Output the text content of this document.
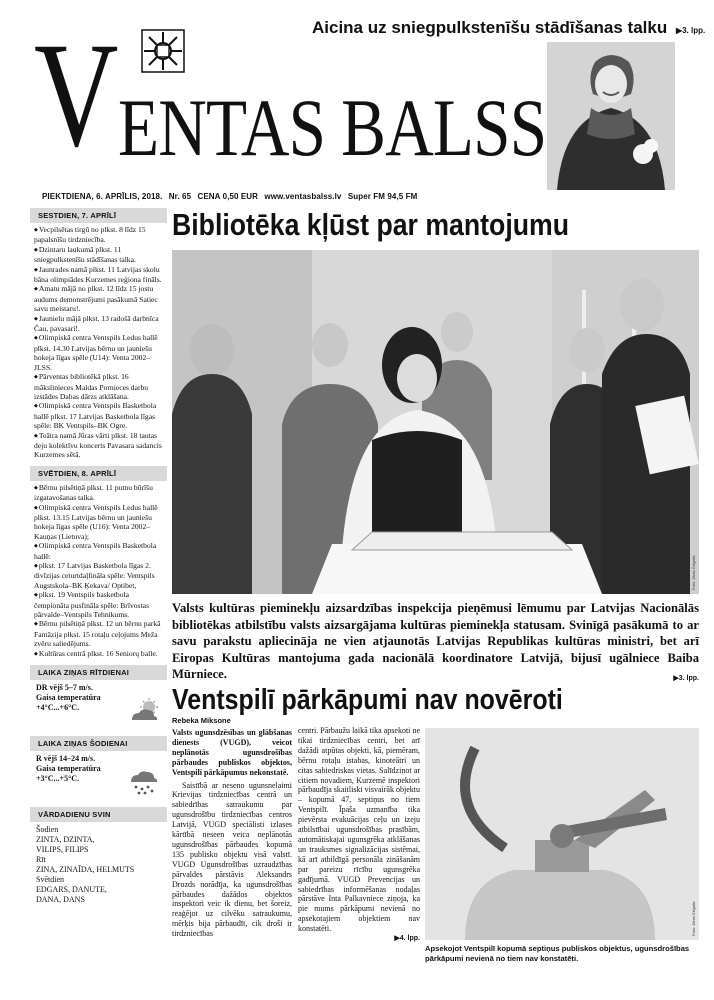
Aicina uz sniegpulkstenīšu stādīšanas talku ▶3. lpp.
V ENTAS BALSS
PIEKTDIENA, 6. APRĪLIS, 2018. Nr. 65 CENA 0,50 EUR www.ventasbalss.lv Super FM 94,5 FM
SESTDIEN, 7. APRĪLĪ
◆ Vecpilsētas tirgū no plkst. 8 līdz 15 papalsnīšu tirdzniecība.
◆ Dzintaru laukumā plkst. 11 sniegpulkstenīšu stādīšanas talka.
◆ Jaunrades namā plkst. 11 Latvijas skolu bāna olimpiādes Kurzemes reģiona fināls.
◆ Amatu mājā no plkst. 12 līdz 15 jostu audums demonstrējumi pasākumā Satiec savu meistaru!.
◆ Jaunielu mājā plkst. 13 radošā darbnīca Čau, pavasari!.
◆ Olimpiskā centra Ventspils Ledus hallē plkst. 14.30 Latvijas bērnu un jauniešu hokeja līgas spēle (U14): Venta 2002–JLSS.
◆ Pārventas bibliotēkā plkst. 16 mākslinieces Maldas Pornieces darbu izstādes Dabas dārzs atklāšana.
◆ Olimpiskā centra Ventspils Basketbola hallē plkst. 17 Latvijas Basketbola līgas spēle: BK Ventspils–BK Ogre.
◆ Teātra namā Jūras vārti plkst. 18 tautas deju kolektīvu koncerts Pavasara sadancis Kurzemes sētā.
SVĒTDIEN, 8. APRĪLĪ
◆ Bērnu pilsētiņā plkst. 11 putnu būrīšu izgatavošanas talka.
◆ Olimpiskā centra Ventspils Ledus hallē plkst. 13.15 Latvijas bērnu un jauniešu hokeja līgas spēle (U16): Venta 2002–Kauņas (Lietuva);
◆ Olimpiskā centra Ventspils Basketbola hallē:
◆ plkst. 17 Latvijas Basketbola līgas 2. divīzijas ceturtdaļfināla spēle: Ventspils Augstskola–BK Ķekava/ Optibet,
◆ plkst. 19 Ventspils basketbola čempionāta pusfināla spēle: Brīvostas pārvalde–Ventspils Tehnikums.
◆ Bērnu pilsētiņā plkst. 12 un bērnu parkā Fantāzija plkst. 15 rotaļu ceļojums Meža zvēru saliedējums.
◆ Kultūras centrā plkst. 16 Seniorų balle.
LAIKA ZIŅAS RĪTDIENAI
DR vējš 5–7 m/s.
Gaisa temperatūra
+4°C...+6°C.
LAIKA ZIŅAS ŠODIENAI
R vējš 14–24 m/s.
Gaisa temperatūra
+3°C...+5°C.
VĀRDADIENU SVIN
Šodien
ZINTA, DZINTA,
VILIPS, FILIPS
Rīt
ZINA, ZINAĪDA, HELMUTS
Svētdien
EDGARS, DANUTE,
DANA, DANS
Bibliotēka kļūst par mantojumu
Foto: Jānis Grīgalis
Valsts kultūras pieminekļu aizsardzības inspekcija pieņēmusi lēmumu par Latvijas Nacionālās bibliotēkas atbilstību valsts aizsargājama kultūras pieminekļa statusam. Svinīgā pasākumā to ar savu parakstu apliecināja ne vien atjaunotās Latvijas Republikas kultūras ministri, bet arī Eiropas Kultūras mantojuma gada nacionālā koordinatore Latvijā, bijusī ugālniece Baiba Mūrniece.	▶3. lpp.
Ventspilī pārkāpumi nav novēroti
Rebeka Miksone

Valsts ugunsdzēsības un glābšanas dienests (VUGD), veicot neplānotās ugunsdrošības pārbaudes publiskos objektos, Ventspilī pārkāpumus nekonstatē.

Saistībā ar neseno ugunsnelaimi Krievijas tirdzniecības centrā un sabiedrības satraukumu par ugunsdrošību tirdzniecības centros Latvijā, VUGD speciālisti izlases kārtībā neseen veica neplānotās ugunsdrošības pārbaudes kopumā 135 publisko objektu visā valstī. VUGD Ugunsdrošības uzraudzības pārvaldes pārstāvis Aleksandrs Drozds norādīja, ka ugunsdrošības pārbaudes dažādos objektos inspektori veic ik dienu, bet šoreiz, reaģējot uz cilvēku satraukumu, mērķis bija pārbaudīt, cik droši ir tirdzniecības

centri. Pārbaužu laikā tika apsekoti ne tikai tirdzniecības centri, bet arī dažādi atpūtas objekti, kā, piemēram, bērnu rotaļu istabas, kinoteātri un citas sabiedriskas vietas. Salīdzinot ar citiem novadiem, Kurzemē inspektori pārbaudīja skaitliski visvairāk objektu – kopumā 47, septiņus no tiem Ventspilī. Īpaša uzmanība tika pievērsta evakuācijas ceļu un izeju atbilstībai ugunsdrošības prasībām, automātiskajai ugunsgrēka atklāšanas un trauksmes signalizācijas sistēmai, kā arī atbildīgā personāla zināšanām par pareizu rīcību ugunsgrēka gadījumā. VUGD Prevencijas un sabiedrības informēšanas nodaļas pārstāve Inta Palkavniece ziņoja, ka pie mums pārkāpumi nevienā no apsekotajiem objektiem nav konstatēti.

▶4. lpp.
Foto: Jānis Grīgalis
Apsekojot Ventspilī kopumā septiņus publiskos objektus, ugunsdrošības pārkāpumi nevienā no tiem nav konstatēti.
